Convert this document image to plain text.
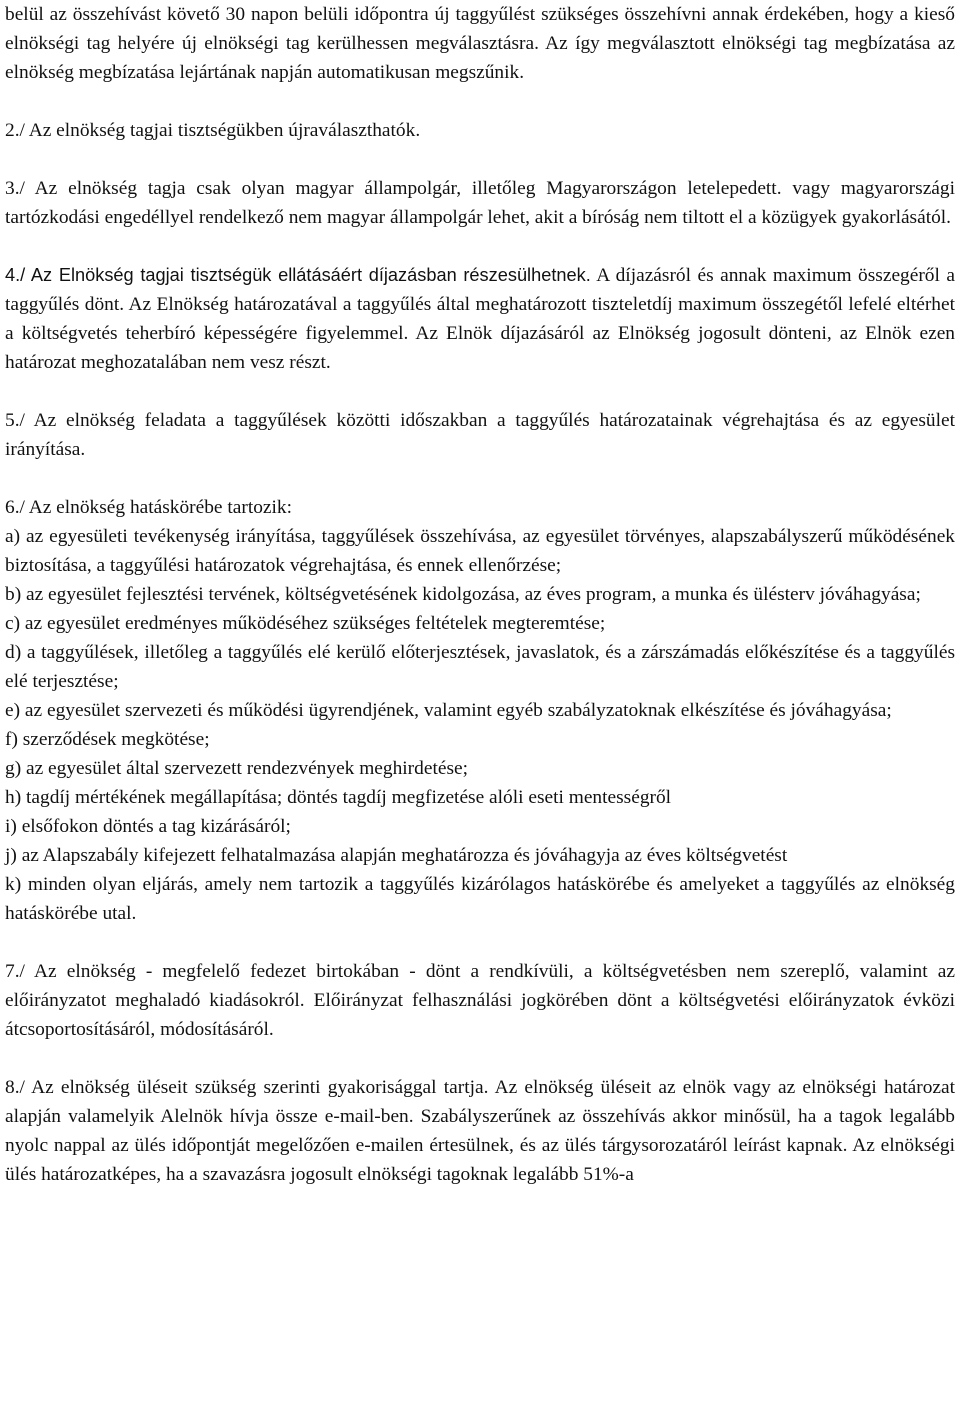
belül az összehívást követő 30 napon belüli időpontra új taggyűlést szükséges összehívni annak érdekében, hogy a kieső elnökségi tag helyére új elnökségi tag kerülhessen megválasztásra. Az így megválasztott elnökségi tag megbízatása az elnökség megbízatása lejártának napján automatikusan megszűnik.

2./ Az elnökség tagjai tisztségükben újraválaszthatók.

3./ Az elnökség tagja csak olyan magyar állampolgár, illetőleg Magyarországon letelepedett. vagy magyarországi tartózkodási engedéllyel rendelkező nem magyar állampolgár lehet, akit a bíróság nem tiltott el a közügyek gyakorlásától.

4./ Az Elnökség tagjai tisztségük ellátásáért díjazásban részesülhetnek. A díjazásról és annak maximum összegéről a taggyűlés dönt. Az Elnökség határozatával a taggyűlés által meghatározott tiszteletdíj maximum összegétől lefelé eltérhet a költségvetés teherbíró képességére figyelemmel. Az Elnök díjazásáról az Elnökség jogosult dönteni, az Elnök ezen határozat meghozatalában nem vesz részt.

5./ Az elnökség feladata a taggyűlések közötti időszakban a taggyűlés határozatainak végrehajtása és az egyesület irányítása.

6./ Az elnökség hatáskörébe tartozik:

a) az egyesületi tevékenység irányítása, taggyűlések összehívása, az egyesület törvényes, alapszabályszerű működésének biztosítása, a taggyűlési határozatok végrehajtása, és ennek ellenőrzése;

b) az egyesület fejlesztési tervének, költségvetésének kidolgozása, az éves program, a munka és ülésterv jóváhagyása;

c) az egyesület eredményes működéséhez szükséges feltételek megteremtése;

d) a taggyűlések, illetőleg a taggyűlés elé kerülő előterjesztések, javaslatok, és a zárszámadás előkészítése és a taggyűlés elé terjesztése;

e) az egyesület szervezeti és működési ügyrendjének, valamint egyéb szabályzatoknak elkészítése és jóváhagyása;

f) szerződések megkötése;

g) az egyesület által szervezett rendezvények meghirdetése;

h) tagdíj mértékének megállapítása; döntés tagdíj megfizetése alóli eseti mentességről

i) elsőfokon döntés a tag kizárásáról;

j) az Alapszabály kifejezett felhatalmazása alapján meghatározza és jóváhagyja az éves költségvetést

k) minden olyan eljárás, amely nem tartozik a taggyűlés kizárólagos hatáskörébe és amelyeket a taggyűlés az elnökség hatáskörébe utal.

7./ Az elnökség - megfelelő fedezet birtokában - dönt a rendkívüli, a költségvetésben nem szereplő, valamint az előirányzatot meghaladó kiadásokról. Előirányzat felhasználási jogkörében dönt a költségvetési előirányzatok évközi átcsoportosításáról, módosításáról.

8./ Az elnökség üléseit szükség szerinti gyakorisággal tartja. Az elnökség üléseit az elnök vagy az elnökségi határozat alapján valamelyik Alelnök hívja össze e-mail-ben. Szabályszerűnek az összehívás akkor minősül, ha a tagok legalább nyolc nappal az ülés időpontját megelőzően e-mailen értesülnek, és az ülés tárgysorozatáról leírást kapnak. Az elnökségi ülés határozatképes, ha a szavazásra jogosult elnökségi tagoknak legalább 51%-a
